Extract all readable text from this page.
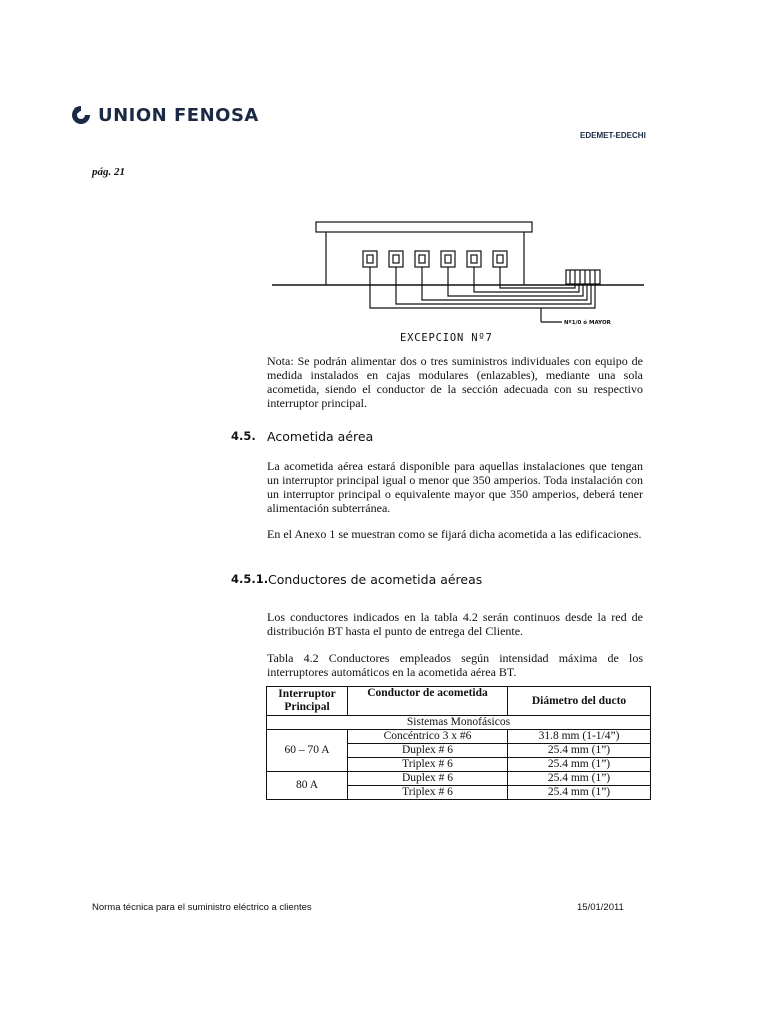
UNION FENOSA
EDEMET-EDECHI
pág. 21
Nº1/0 ó MAYOR
EXCEPCION Nº7
Nota: Se podrán alimentar dos o tres suministros individuales con equipo de medida instalados en cajas modulares (enlazables), mediante una sola acometida, siendo el conductor de la sección adecuada con su respectivo interruptor principal.
4.5. Acometida aérea
La acometida aérea estará disponible para aquellas instalaciones que tengan un interruptor principal igual o menor que 350 amperios. Toda instalación con un interruptor principal o equivalente mayor que 350 amperios, deberá tener alimentación subterránea.
En el Anexo 1 se muestran como se fijará dicha acometida a las edificaciones.
4.5.1. Conductores de acometida aéreas
Los conductores indicados en la tabla 4.2 serán continuos desde la red de distribución BT hasta el punto de entrega del Cliente.
Tabla 4.2 Conductores empleados según intensidad máxima de los interruptores automáticos en la acometida aérea BT.
Interruptor Principal	Conductor de acometida	Diámetro del ducto
Sistemas Monofásicos		
60 – 70 A	Concéntrico 3 x #6	31.8 mm (1-1/4”)
	Duplex # 6	25.4 mm (1”)
	Triplex # 6	25.4 mm (1”)
80 A	Duplex # 6	25.4 mm (1”)
	Triplex # 6	25.4 mm (1”)
Norma técnica para el suministro eléctrico a clientes	15/01/2011
